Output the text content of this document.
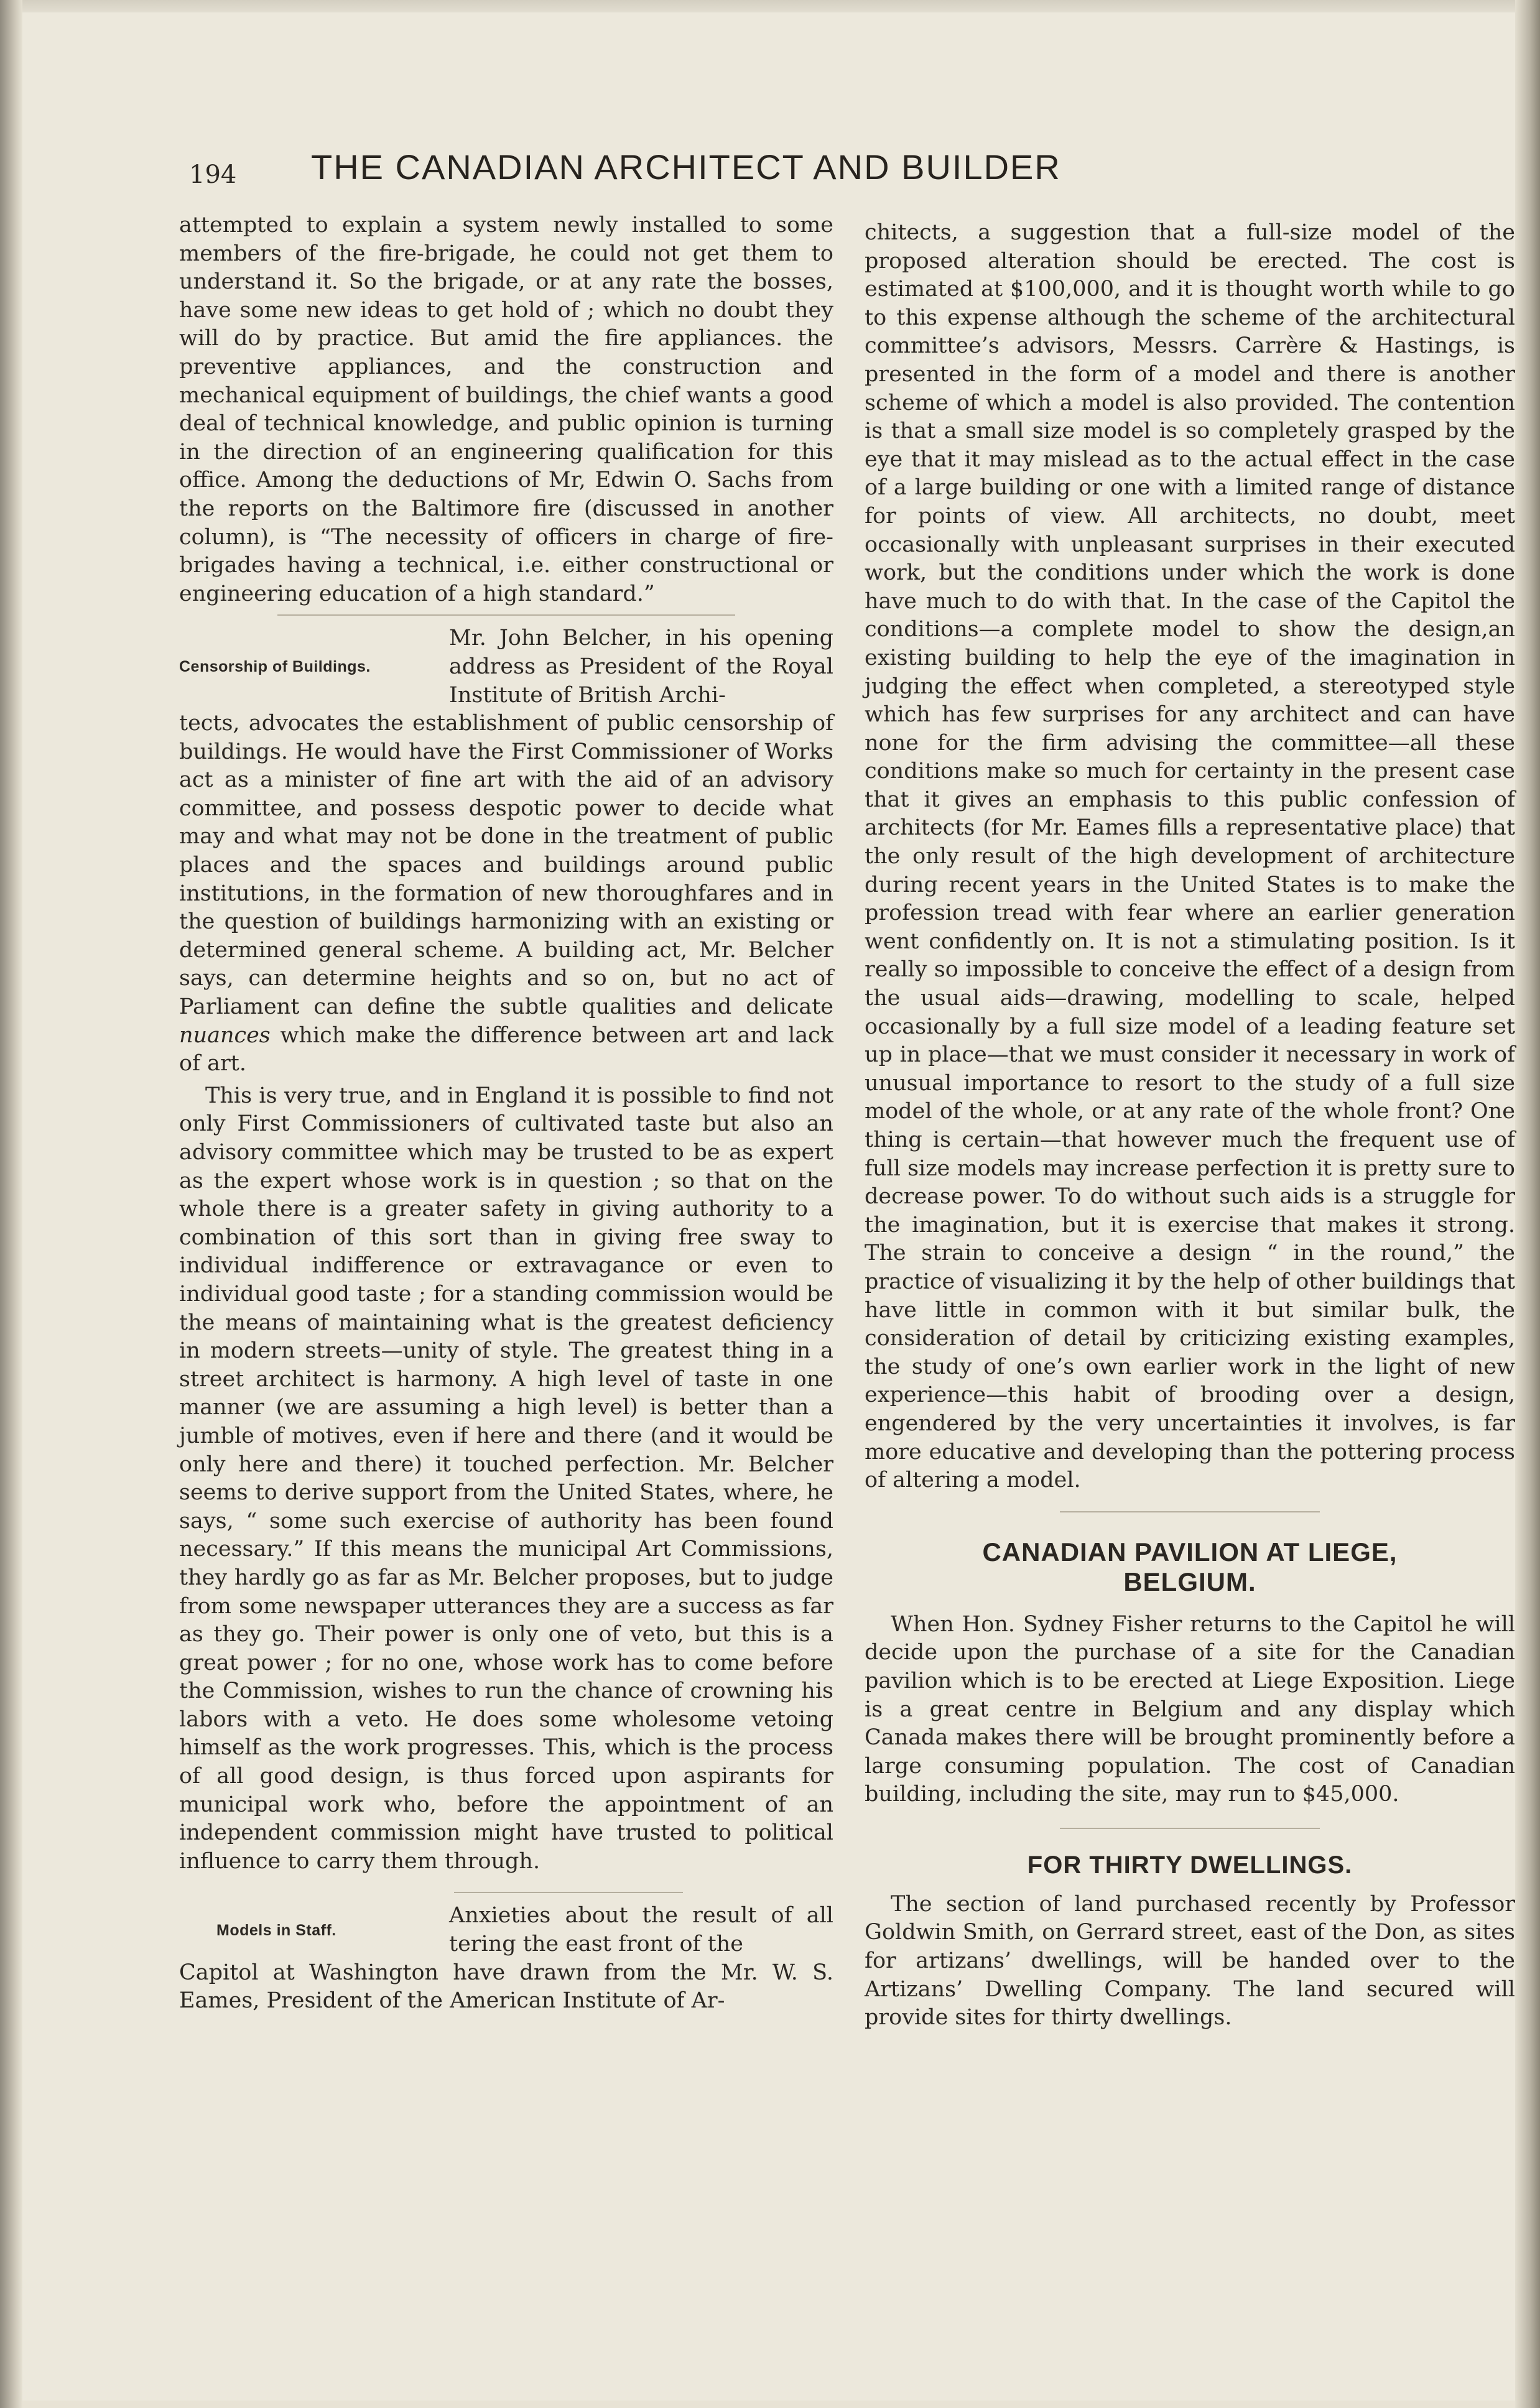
194 THE CANADIAN ARCHITECT AND BUILDER

attempted to explain a system newly installed to some members of the fire-brigade, he could not get them to understand it. So the brigade, or at any rate the bosses, have some new ideas to get hold of ; which no doubt they will do by practice. But amid the fire appliances. the preventive appliances, and the construction and mechanical equipment of buildings, the chief wants a good deal of technical knowledge, and public opinion is turning in the direction of an engineering qualification for this office. Among the deductions of Mr, Edwin O. Sachs from the reports on the Baltimore fire (discussed in another column), is “The necessity of officers in charge of fire-brigades having a technical, i.e. either constructional or engineering education of a high standard.”

Censorship of Buildings.
Mr. John Belcher, in his opening address as President of the Royal Institute of British Archi-

tects, advocates the establishment of public censorship of buildings. He would have the First Commissioner of Works act as a minister of fine art with the aid of an advisory committee, and possess despotic power to decide what may and what may not be done in the treatment of public places and the spaces and buildings around public institutions, in the formation of new thoroughfares and in the question of buildings harmonizing with an existing or determined general scheme. A building act, Mr. Belcher says, can determine heights and so on, but no act of Parliament can define the subtle qualities and delicate nuances which make the difference between art and lack of art.

This is very true, and in England it is possible to find not only First Commissioners of cultivated taste but also an advisory committee which may be trusted to be as expert as the expert whose work is in question ; so that on the whole there is a greater safety in giving authority to a combination of this sort than in giving free sway to individual indifference or extravagance or even to individual good taste ; for a standing commission would be the means of maintaining what is the greatest deficiency in modern streets—unity of style. The greatest thing in a street architect is harmony. A high level of taste in one manner (we are assuming a high level) is better than a jumble of motives, even if here and there (and it would be only here and there) it touched perfection. Mr. Belcher seems to derive support from the United States, where, he says, “ some such exercise of authority has been found necessary.” If this means the municipal Art Commissions, they hardly go as far as Mr. Belcher proposes, but to judge from some newspaper utterances they are a success as far as they go. Their power is only one of veto, but this is a great power ; for no one, whose work has to come before the Commission, wishes to run the chance of crowning his labors with a veto. He does some wholesome vetoing himself as the work progresses. This, which is the process of all good design, is thus forced upon aspirants for municipal work who, before the appointment of an independent commission might have trusted to political influence to carry them through.

Models in Staff.
Anxieties about the result of all tering the east front of the

Capitol at Washington have drawn from the Mr. W. S. Eames, President of the American Institute of Ar-

chitects, a suggestion that a full-size model of the proposed alteration should be erected. The cost is estimated at $100,000, and it is thought worth while to go to this expense although the scheme of the architectural committee’s advisors, Messrs. Carrère & Hastings, is presented in the form of a model and there is another scheme of which a model is also provided. The contention is that a small size model is so completely grasped by the eye that it may mislead as to the actual effect in the case of a large building or one with a limited range of distance for points of view. All architects, no doubt, meet occasionally with unpleasant surprises in their executed work, but the conditions under which the work is done have much to do with that. In the case of the Capitol the conditions—a complete model to show the design,an existing building to help the eye of the imagination in judging the effect when completed, a stereotyped style which has few surprises for any architect and can have none for the firm advising the committee—all these conditions make so much for certainty in the present case that it gives an emphasis to this public confession of architects (for Mr. Eames fills a representative place) that the only result of the high development of architecture during recent years in the United States is to make the profession tread with fear where an earlier generation went confidently on. It is not a stimulating position. Is it really so impossible to conceive the effect of a design from the usual aids—drawing, modelling to scale, helped occasionally by a full size model of a leading feature set up in place—that we must consider it necessary in work of unusual importance to resort to the study of a full size model of the whole, or at any rate of the whole front? One thing is certain—that however much the frequent use of full size models may increase perfection it is pretty sure to decrease power. To do without such aids is a struggle for the imagination, but it is exercise that makes it strong. The strain to conceive a design “ in the round,” the practice of visualizing it by the help of other buildings that have little in common with it but similar bulk, the consideration of detail by criticizing existing examples, the study of one’s own earlier work in the light of new experience—this habit of brooding over a design, engendered by the very uncertainties it involves, is far more educative and developing than the pottering process of altering a model.

CANADIAN PAVILION AT LIEGE,

BELGIUM.

When Hon. Sydney Fisher returns to the Capitol he will decide upon the purchase of a site for the Canadian pavilion which is to be erected at Liege Exposition. Liege is a great centre in Belgium and any display which Canada makes there will be brought prominently before a large consuming population. The cost of Canadian building, including the site, may run to $45,000.

FOR THIRTY DWELLINGS.

The section of land purchased recently by Professor Goldwin Smith, on Gerrard street, east of the Don, as sites for artizans’ dwellings, will be handed over to the Artizans’ Dwelling Company. The land secured will provide sites for thirty dwellings.
